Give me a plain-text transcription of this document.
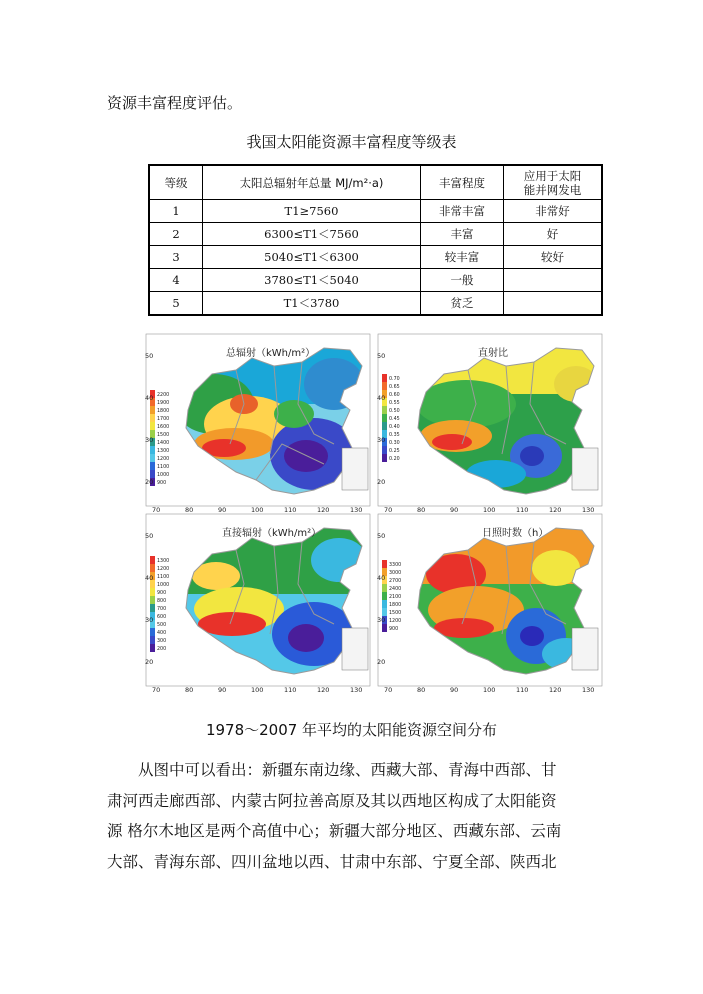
资源丰富程度评估。
我国太阳能资源丰富程度等级表
等级	太阳总辐射年总量 MJ/m²·a)	丰富程度	应用于太阳
能并网发电
1	T1≥7560	非常丰富	非常好
2	6300≤T1＜7560	丰富	好
3	5040≤T1＜6300	较丰富	较好
4	3780≤T1＜5040	一般	
5	T1＜3780	贫乏	
总辐射（kWh/m²）
2200
1900
1800
1700
1600
1500
1400
1300
1200
1100
1000
900
直射比
0.70
0.65
0.60
0.55
0.50
0.45
0.40
0.35
0.30
0.25
0.20
直接辐射（kWh/m²）
1300
1200
1100
1000
900
800
700
600
500
400
300
200
日照时数（h）
3300
3000
2700
2400
2100
1800
1500
1200
900
70	80	90	100	110	120	130
50
40
30
20
70	80	90	100	110	120	130
50
40
30
20
70	80	90	100	110	120	130
50
40
30
20
70	80	90	100	110	120	130
50
40
30
20
1978～2007 年平均的太阳能资源空间分布
从图中可以看出：新疆东南边缘、西藏大部、青海中西部、甘
肃河西走廊西部、内蒙古阿拉善高原及其以西地区构成了太阳能资
源 格尔木地区是两个高值中心；新疆大部分地区、西藏东部、云南
大部、青海东部、四川盆地以西、甘肃中东部、宁夏全部、陕西北
